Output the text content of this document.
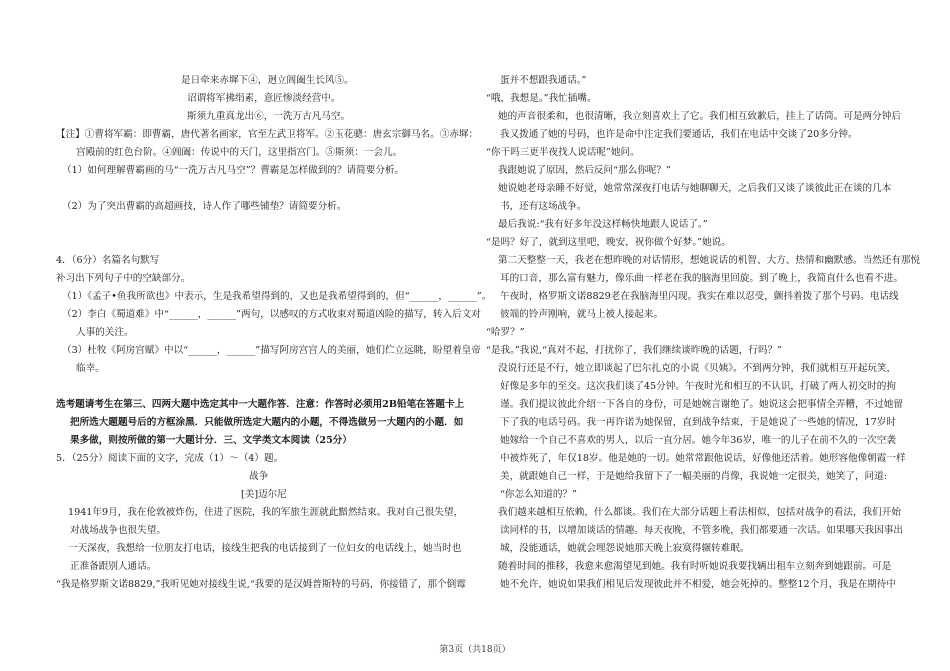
是日牵来赤墀下④，迥立阊阖生长风⑤。
诏谓将军拂绢素，意匠惨淡经营中。
斯须九重真龙出⑥，一洗万古凡马空。
【注】①曹将军霸：即曹霸，唐代著名画家，官至左武卫将军。②玉花骢：唐玄宗御马名。③赤墀：
宫殿前的红色台阶。④阊阖：传说中的天门，这里指宫门。⑤斯须：一会儿。
（1）如何理解曹霸画的马“一洗万古凡马空”？曹霸是怎样做到的？请简要分析。
（2）为了突出曹霸的高超画技，诗人作了哪些铺垫？请简要分析。
4．（6分）名篇名句默写
补习出下列句子中的空缺部分。
（1）《孟子•鱼我所欲也》中表示，生是我希望得到的，又也是我希望得到的，但“______，______”。
（2）李白《蜀道难》中“______，______”两句，以感叹的方式收束对蜀道凶险的描写，转入后文对
人事的关注。
（3）杜牧《阿房宫赋》中以“______，______”描写阿房宫宫人的美丽，她们伫立远眺，盼望着皇帝
临幸。
选考题请考生在第三、四两大题中选定其中一大题作答．注意：作答时必须用2B铅笔在答题卡上
把所选大题题号后的方框涂黑．只能做所选定大题内的小题，不得选做另一大题内的小题．如
果多做，则按所做的第一大题计分．三、文学类文本阅读（25分）
5．（25分）阅读下面的文字，完成（1）～（4）题。
战争
[美]迈尔尼
1941年9月，我在伦敦被炸伤，住进了医院，我的军旅生涯就此黯然结束。我对自己很失望，
对战场战争也很失望。
一天深夜，我想给一位朋友打电话，接线生把我的电话接到了一位妇女的电话线上，她当时也
正准备跟别人通话。
“我是格罗斯文诺8829,”我听见她对接线生说,“我要的是汉姆普斯特的号码，你接错了，那个倒霉
蛋并不想跟我通话。”
“哦，我想是。”我忙插嘴。
她的声音很柔和，也很清晰，我立刻喜欢上了它。我们相互致歉后，挂上了话筒。可是两分钟后
我又拨通了她的号码，也许是命中注定我们要通话，我们在电话中交谈了20多分钟。
“你干吗三更半夜找人说话呢”她问。
我跟她说了原因，然后反问“那么你呢？”
她说她老母亲睡不好觉，她常常深夜打电话与她聊聊天，之后我们又谈了谈彼此正在谈的几本
书，还有这场战争。
最后我说:“我有好多年没这样畅快地跟人说话了。”
“是吗？好了，就到这里吧，晚安，祝你做个好梦。”她说。
第二天整整一天，我老在想昨晚的对话情形，想她说话的机智、大方、热情和幽默感。当然还有那悦
耳的口音，那么富有魅力，像乐曲一样老在我的脑海里回旋。到了晚上，我简直什么也看不进。
午夜时，格罗斯文诺8829老在我脑海里闪现。我实在难以忍受，颤抖着拨了那个号码。电话线
彼端的铃声刚响，就马上被人接起来。
“哈罗？”
“是我。”我说,“真对不起，打扰你了，我们继续谈昨晚的话题，行吗？”
没说行还是不行，她立即谈起了巴尔扎克的小说《贝姨》。不到两分钟，我们就相互开起玩笑，
好像是多年的至交。这次我们谈了45分钟。午夜时光和相互的不认识，打破了两人初交时的拘
谨。我们提议彼此介绍一下各自的身份，可是她婉言谢绝了。她说这会把事情全弄糟，不过她留
下了我的电话号码。我一再许诺为她保留，直到战争结束，于是她说了一些她的情况，17岁时
她嫁给一个自己不喜欢的男人，以后一直分居。她今年36岁，唯一的儿子在前不久的一次空袭
中被炸死了，年仅18岁。他是她的一切。她常常跟他说话，好像他还活着。她形容他像朝霞一样
美，就跟她自己一样，于是她给我留下了一幅美丽的肖像，我说她一定很美，她笑了，问道:
“你怎么知道的？”
我们越来越相互依赖，什么都谈。我们在大部分话题上看法相似，包括对战争的看法，我们开始
读同样的书，以增加谈话的情趣。每天夜晚，不管多晚，我们都要通一次话。如果哪天我因事出
城，没能通话，她就会埋怨说她那天晚上寂寞得辗转难眠。
随着时间的推移，我愈来愈渴望见到她。我有时听她说我要找辆出租车立刻奔到她跟前。可是
她不允许，她说如果我们相见后发现彼此并不相爱，她会死掉的。整整12个月，我是在期待中
第3页（共18页）
